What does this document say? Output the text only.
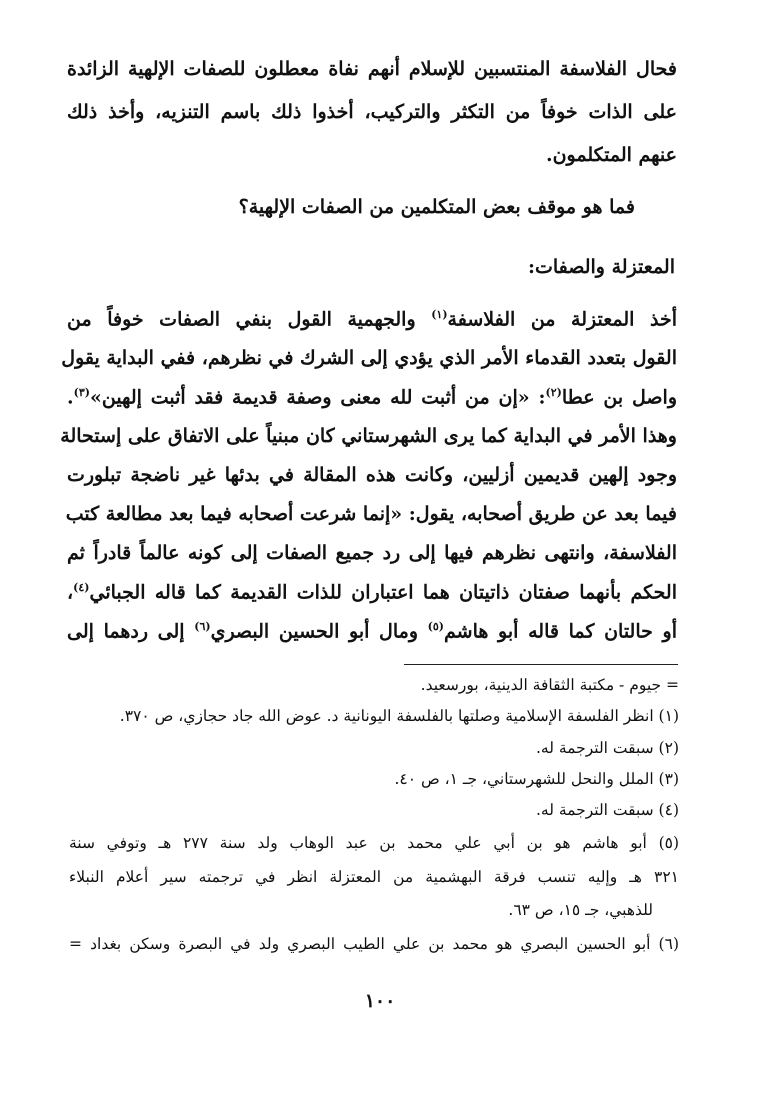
فحال الفلاسفة المنتسبين للإسلام أنهم نفاة معطلون للصفات الإلهية الزائدة
على الذات خوفاً من التكثر والتركيب، أخذوا ذلك باسم التنزيه، وأخذ ذلك
عنهم المتكلمون.
فما هو موقف بعض المتكلمين من الصفات الإلهية؟
المعتزلة والصفات:
أخذ المعتزلة من الفلاسفة$^{(١)}$ والجهمية القول بنفي الصفات خوفاً من
القول بتعدد القدماء الأمر الذي يؤدي إلى الشرك في نظرهم، ففي البداية يقول
واصل بن عطا$^{(٢)}$: «إن من أثبت لله معنى وصفة قديمة فقد أثبت إلهين»$^{(٣)}$.
وهذا الأمر في البداية كما يرى الشهرستاني كان مبنياً على الاتفاق على إستحالة
وجود إلهين قديمين أزليين، وكانت هذه المقالة في بدئها غير ناضجة تبلورت
فيما بعد عن طريق أصحابه، يقول: «إنما شرعت أصحابه فيما بعد مطالعة كتب
الفلاسفة، وانتهى نظرهم فيها إلى رد جميع الصفات إلى كونه عالماً قادراً ثم
الحكم بأنهما صفتان ذاتيتان هما اعتباران للذات القديمة كما قاله الجبائي$^{(٤)}$،
أو حالتان كما قاله أبو هاشم$^{(٥)}$ ومال أبو الحسين البصري$^{(٦)}$ إلى ردهما إلى
= جيوم - مكتبة الثقافة الدينية، بورسعيد.
(١) انظر الفلسفة الإسلامية وصلتها بالفلسفة اليونانية د. عوض الله جاد حجازي، ص ٣٧٠.
(٢) سبقت الترجمة له.
(٣) الملل والنحل للشهرستاني، جـ ١، ص ٤٠.
(٤) سبقت الترجمة له.
(٥) أبو هاشم هو بن أبي علي محمد بن عبد الوهاب ولد سنة ٢٧٧ هـ وتوفي سنة
٣٢١ هـ وإليه تنسب فرقة البهشمية من المعتزلة انظر في ترجمته سير أعلام النبلاء
للذهبي، جـ ١٥، ص ٦٣.
(٦) أبو الحسين البصري هو محمد بن علي الطيب البصري ولد في البصرة وسكن بغداد =
١٠٠
